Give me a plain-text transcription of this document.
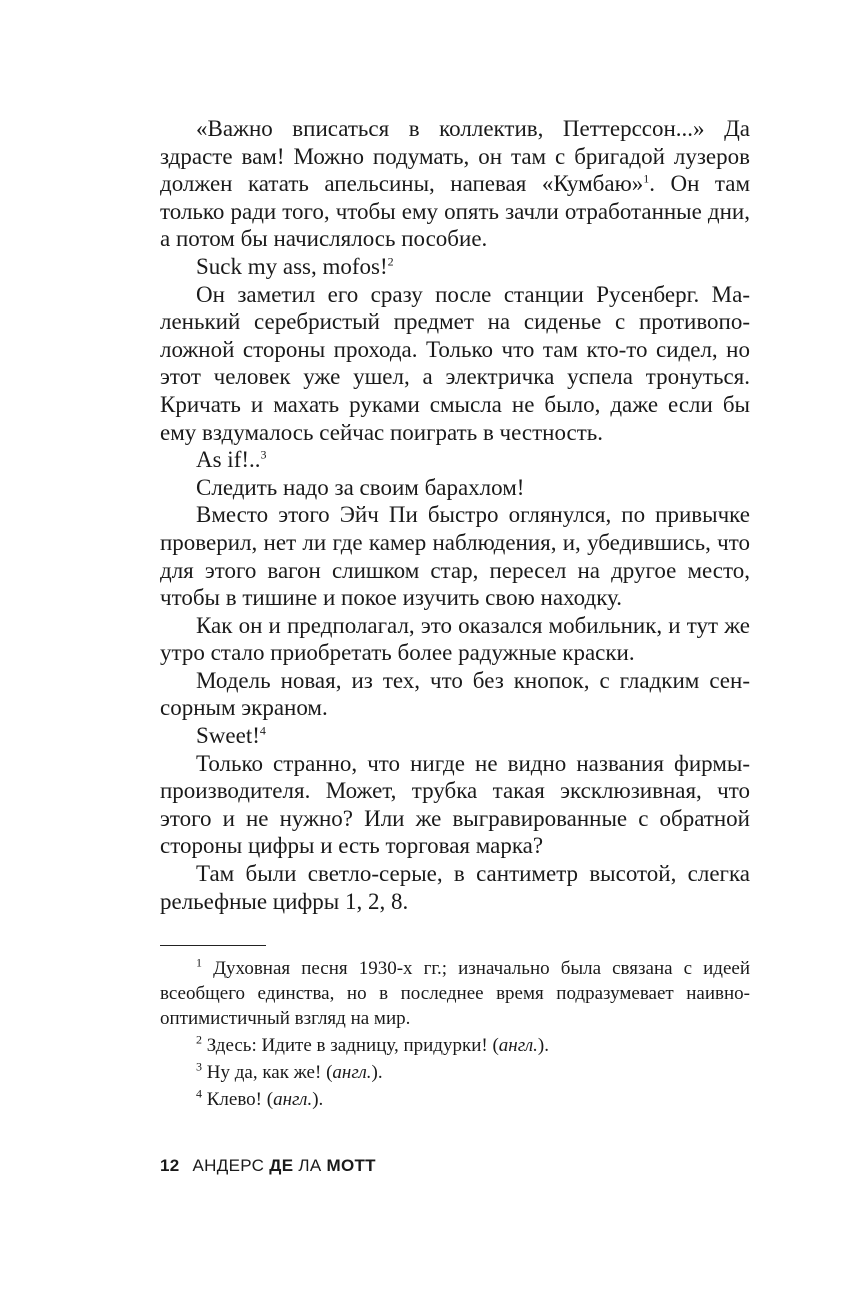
«Важно вписаться в коллектив, Петтерссон...» Да здрасте вам! Можно подумать, он там с бригадой лузеров должен катать апельсины, напевая «Кумбаю»$^1$. Он там только ради того, чтобы ему опять зачли отработанные дни, а потом бы начислялось пособие.

Suck my ass, mofos!$^2$

Он заметил его сразу после станции Русенберг. Маленький серебристый предмет на сиденье с противоположной стороны прохода. Только что там кто-то сидел, но этот человек уже ушел, а электричка успела тронуться. Кричать и махать руками смысла не было, даже если бы ему вздумалось сейчас поиграть в честность.

As if!..$^3$

Следить надо за своим барахлом!

Вместо этого Эйч Пи быстро оглянулся, по привычке проверил, нет ли где камер наблюдения, и, убедившись, что для этого вагон слишком стар, пересел на другое место, чтобы в тишине и покое изучить свою находку.

Как он и предполагал, это оказался мобильник, и тут же утро стало приобретать более радужные краски.

Модель новая, из тех, что без кнопок, с гладким сенсорным экраном.

Sweet!$^4$

Только странно, что нигде не видно названия фирмы-производителя. Может, трубка такая эксклюзивная, что этого и не нужно? Или же выгравированные с обратной стороны цифры и есть торговая марка?

Там были светло-серые, в сантиметр высотой, слегка рельефные цифры 1, 2, 8.

$^1$ Духовная песня 1930-х гг.; изначально была связана с идеей всеобщего единства, но в последнее время подразумевает наивно-оптимистичный взгляд на мир.

$^2$ Здесь: Идите в задницу, придурки! (англ.).

$^3$ Ну да, как же! (англ.).

$^4$ Клево! (англ.).

12 АНДЕРС ДЕ ЛА МОТТ
